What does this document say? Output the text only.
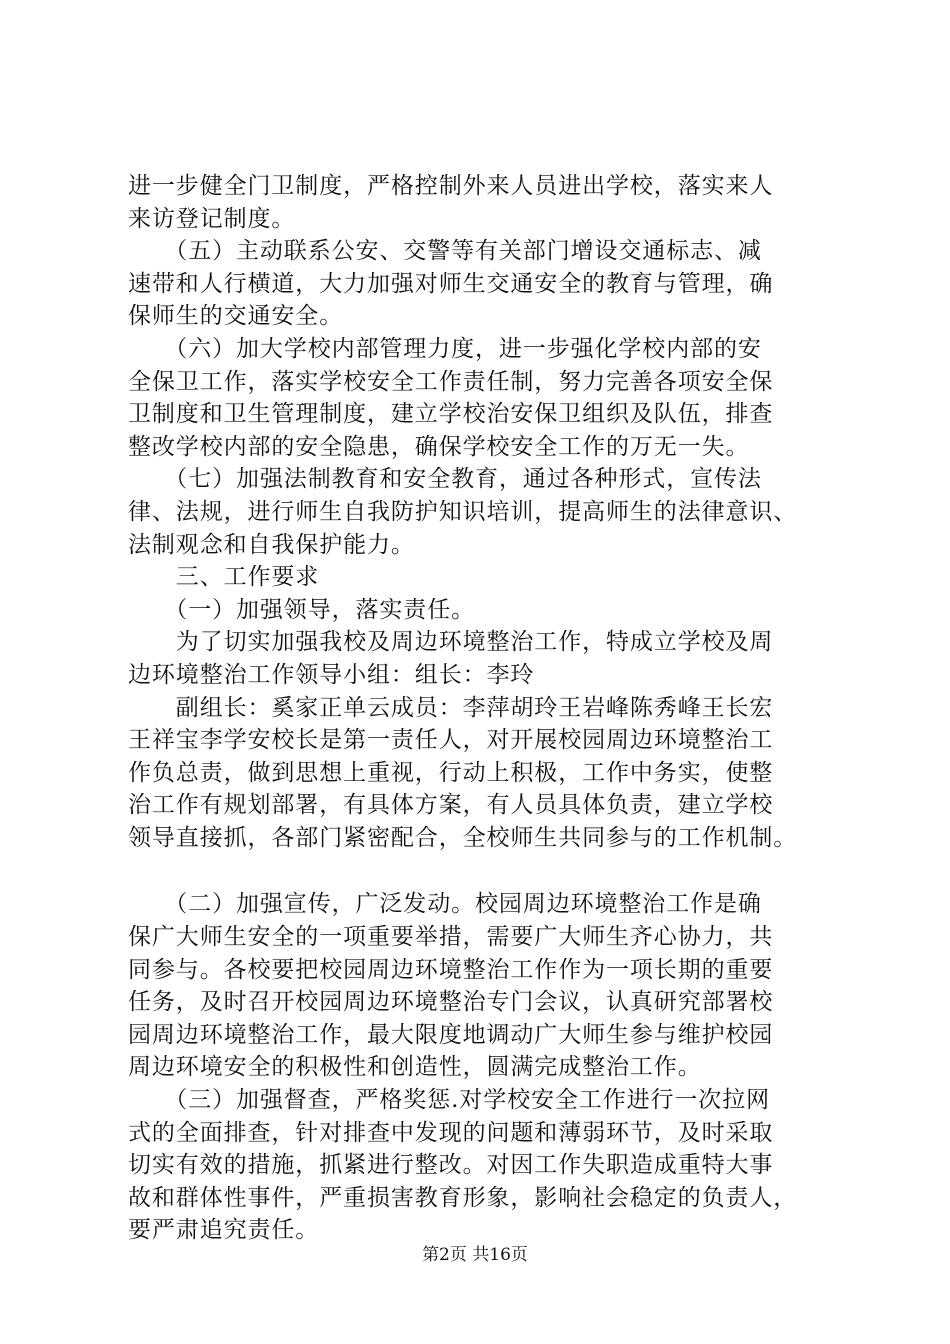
进一步健全门卫制度，严格控制外来人员进出学校，落实来人
来访登记制度。
　　（五）主动联系公安、交警等有关部门增设交通标志、减
速带和人行横道，大力加强对师生交通安全的教育与管理，确
保师生的交通安全。
　　（六）加大学校内部管理力度，进一步强化学校内部的安
全保卫工作，落实学校安全工作责任制，努力完善各项安全保
卫制度和卫生管理制度，建立学校治安保卫组织及队伍，排查
整改学校内部的安全隐患，确保学校安全工作的万无一失。
　　（七）加强法制教育和安全教育，通过各种形式，宣传法
律、法规，进行师生自我防护知识培训，提高师生的法律意识、
法制观念和自我保护能力。
　　三、工作要求
　　（一）加强领导，落实责任。
　　为了切实加强我校及周边环境整治工作，特成立学校及周
边环境整治工作领导小组：组长：李玲
　　副组长：奚家正单云成员：李萍胡玲王岩峰陈秀峰王长宏
王祥宝李学安校长是第一责任人，对开展校园周边环境整治工
作负总责，做到思想上重视，行动上积极，工作中务实，使整
治工作有规划部署，有具体方案，有人员具体负责，建立学校
领导直接抓，各部门紧密配合，全校师生共同参与的工作机制。
　　（二）加强宣传，广泛发动。校园周边环境整治工作是确
保广大师生安全的一项重要举措，需要广大师生齐心协力，共
同参与。各校要把校园周边环境整治工作作为一项长期的重要
任务，及时召开校园周边环境整治专门会议，认真研究部署校
园周边环境整治工作，最大限度地调动广大师生参与维护校园
周边环境安全的积极性和创造性，圆满完成整治工作。
　　（三）加强督查，严格奖惩.对学校安全工作进行一次拉网
式的全面排查，针对排查中发现的问题和薄弱环节，及时采取
切实有效的措施，抓紧进行整改。对因工作失职造成重特大事
故和群体性事件，严重损害教育形象，影响社会稳定的负责人，
要严肃追究责任。
第2页 共16页
